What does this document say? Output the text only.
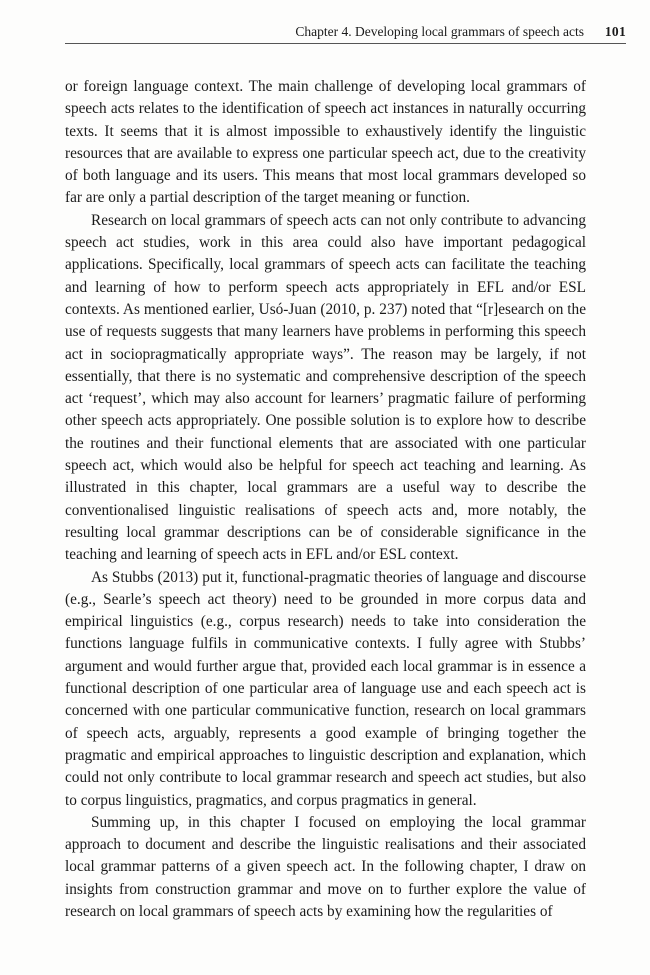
Chapter 4. Developing local grammars of speech acts 101

or foreign language context. The main challenge of developing local grammars of speech acts relates to the identification of speech act instances in naturally occurring texts. It seems that it is almost impossible to exhaustively identify the linguistic resources that are available to express one particular speech act, due to the creativity of both language and its users. This means that most local grammars developed so far are only a partial description of the target meaning or function.

Research on local grammars of speech acts can not only contribute to advancing speech act studies, work in this area could also have important pedagogical applications. Specifically, local grammars of speech acts can facilitate the teaching and learning of how to perform speech acts appropriately in EFL and/or ESL contexts. As mentioned earlier, Usó-Juan (2010, p. 237) noted that “[r]esearch on the use of requests suggests that many learners have problems in performing this speech act in sociopragmatically appropriate ways”. The reason may be largely, if not essentially, that there is no systematic and comprehensive description of the speech act ‘request’, which may also account for learners’ pragmatic failure of performing other speech acts appropriately. One possible solution is to explore how to describe the routines and their functional elements that are associated with one particular speech act, which would also be helpful for speech act teaching and learning. As illustrated in this chapter, local grammars are a useful way to describe the conventionalised linguistic realisations of speech acts and, more notably, the resulting local grammar descriptions can be of considerable significance in the teaching and learning of speech acts in EFL and/or ESL context.

As Stubbs (2013) put it, functional-pragmatic theories of language and discourse (e.g., Searle’s speech act theory) need to be grounded in more corpus data and empirical linguistics (e.g., corpus research) needs to take into consideration the functions language fulfils in communicative contexts. I fully agree with Stubbs’ argument and would further argue that, provided each local grammar is in essence a functional description of one particular area of language use and each speech act is concerned with one particular communicative function, research on local grammars of speech acts, arguably, represents a good example of bringing together the pragmatic and empirical approaches to linguistic description and explanation, which could not only contribute to local grammar research and speech act studies, but also to corpus linguistics, pragmatics, and corpus pragmatics in general.

Summing up, in this chapter I focused on employing the local grammar approach to document and describe the linguistic realisations and their associated local grammar patterns of a given speech act. In the following chapter, I draw on insights from construction grammar and move on to further explore the value of research on local grammars of speech acts by examining how the regularities of
